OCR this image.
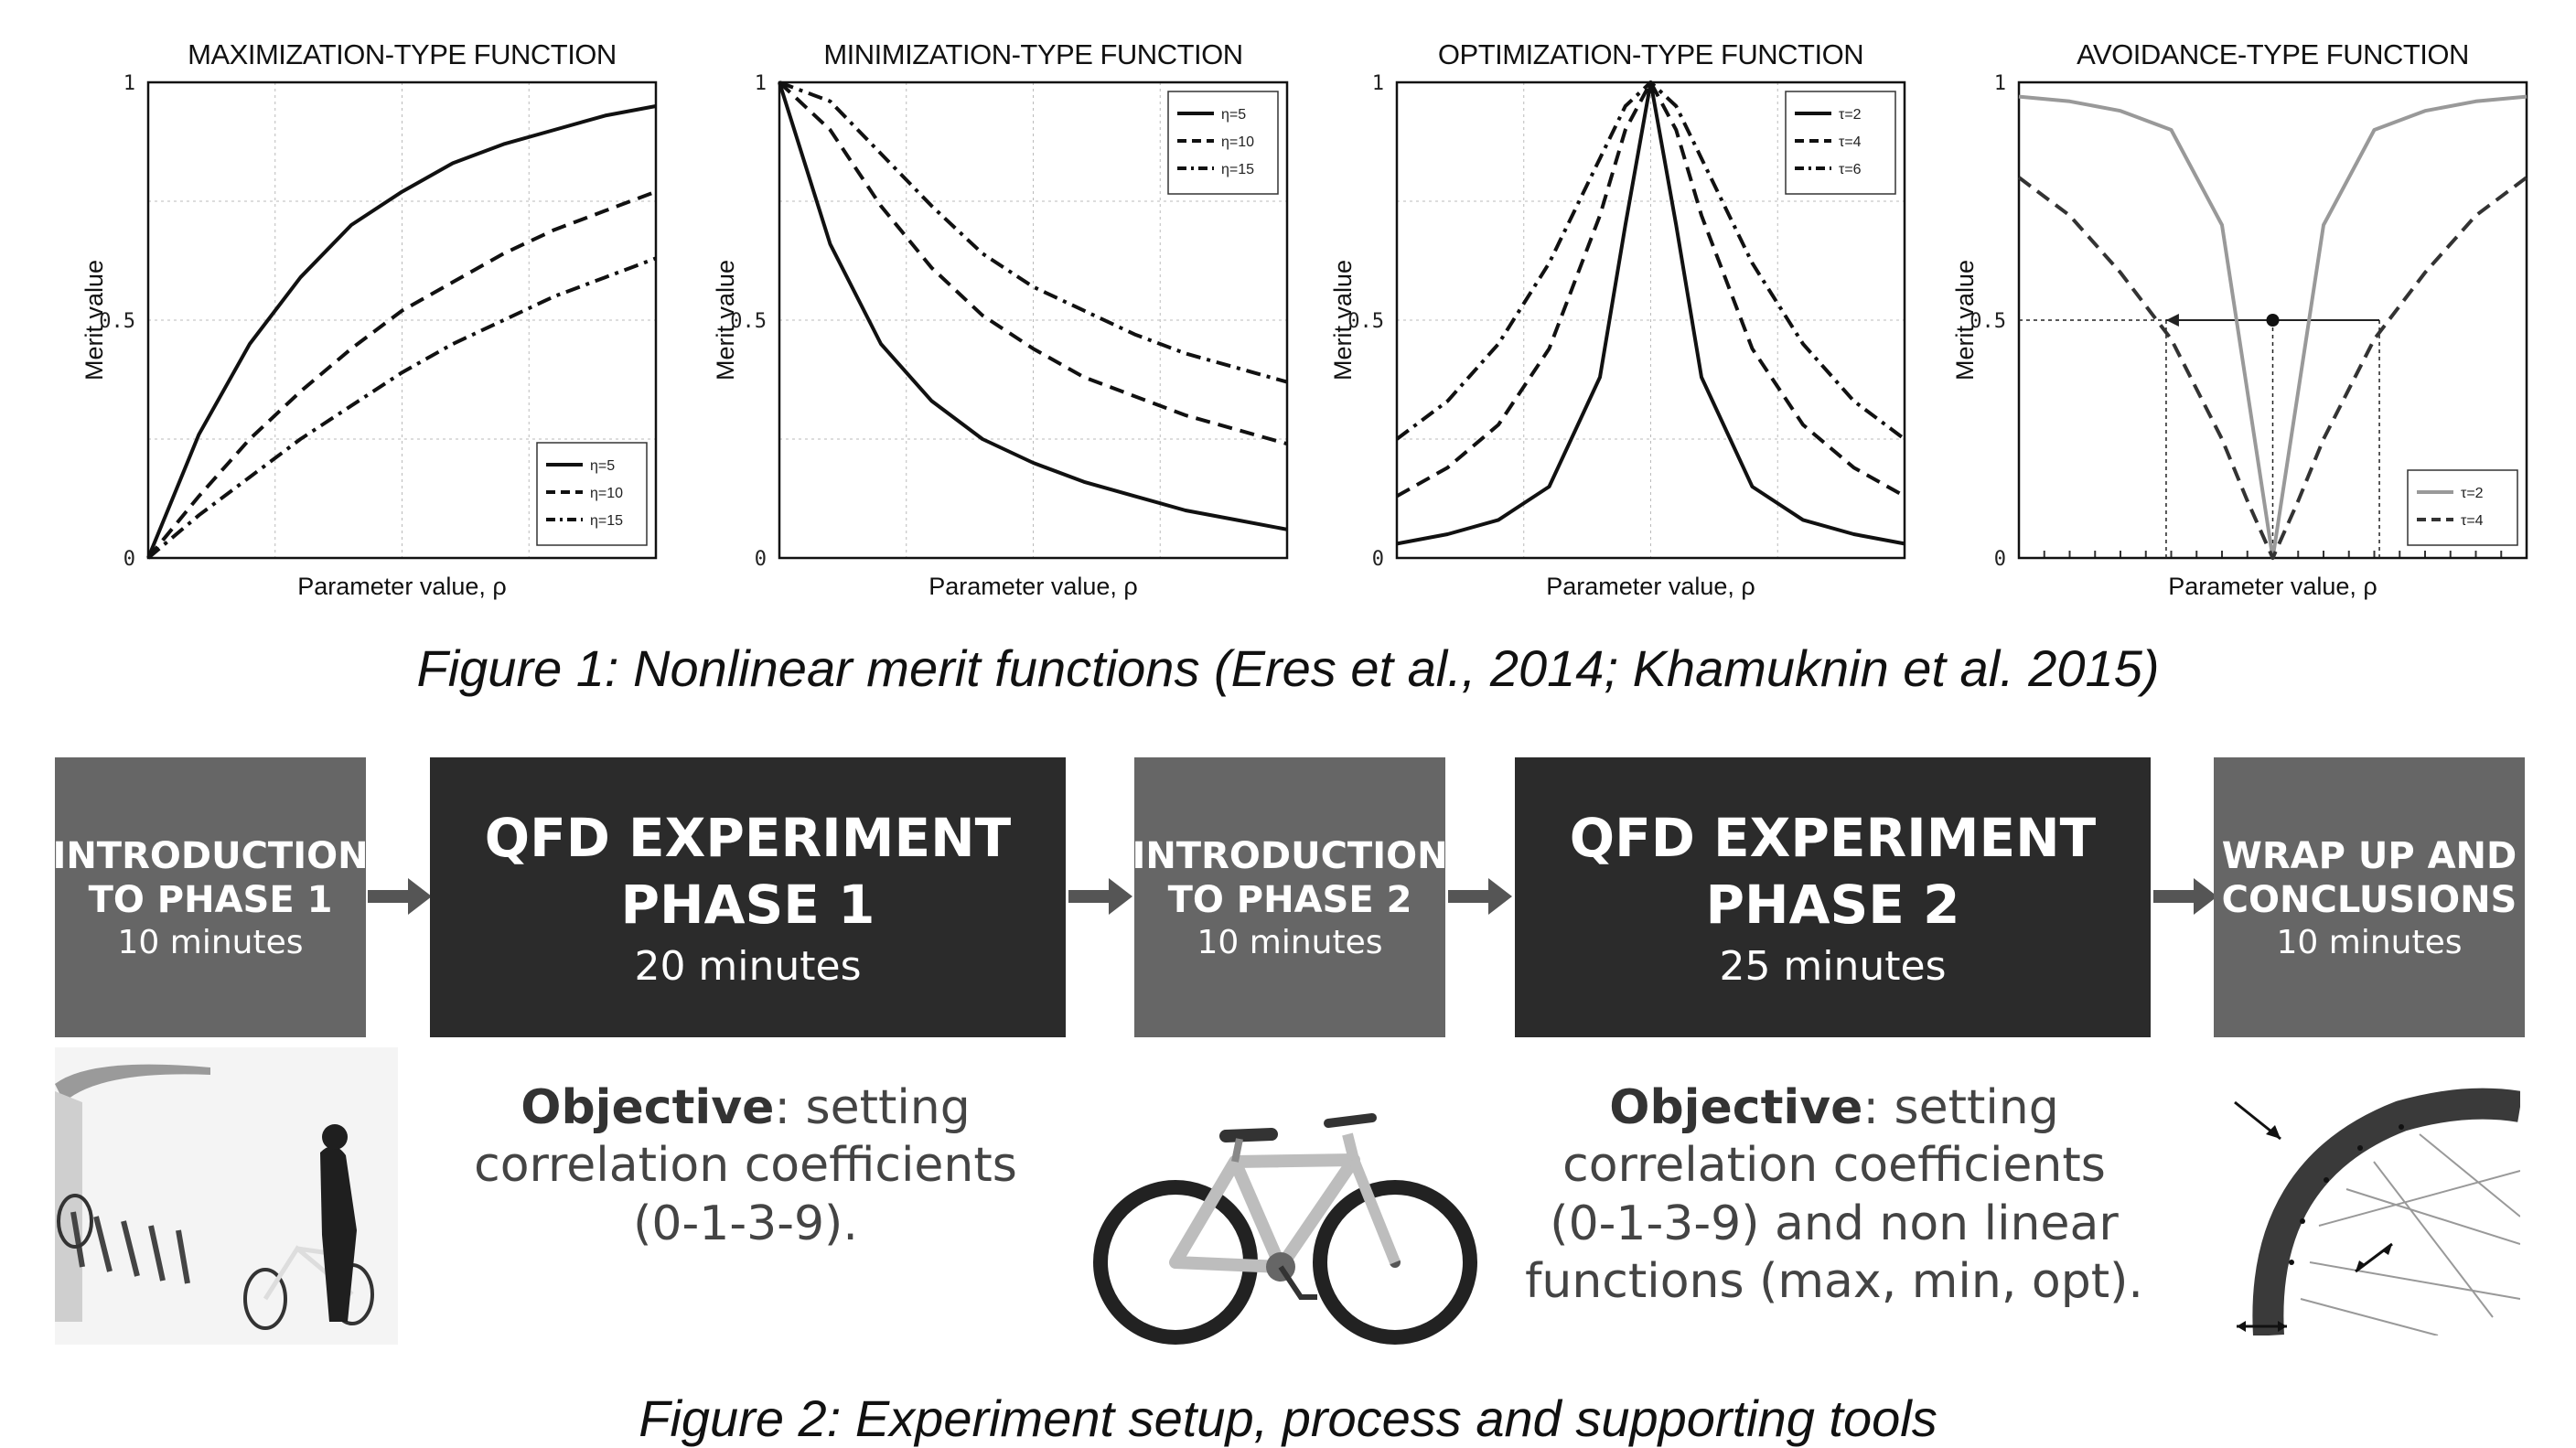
MAXIMIZATION-TYPE FUNCTION
0
0.5
1
Parameter value, ρ
Merit value
η=5
η=10
η=15
MINIMIZATION-TYPE FUNCTION
0
0.5
1
Parameter value, ρ
Merit value
η=5
η=10
η=15
OPTIMIZATION-TYPE FUNCTION
0
0.5
1
Parameter value, ρ
Merit value
τ=2
τ=4
τ=6
AVOIDANCE-TYPE FUNCTION
0
0.5
1
Parameter value, ρ
Merit value
τ=2
τ=4
Figure 1: Nonlinear merit functions (Eres et al., 2014; Khamuknin et al. 2015)
INTRODUCTION
TO PHASE 1
10 minutes
QFD EXPERIMENT
PHASE 1
20 minutes
INTRODUCTION
TO PHASE 2
10 minutes
QFD EXPERIMENT
PHASE 2
25 minutes
WRAP UP AND
CONCLUSIONS
10 minutes
Objective: setting
correlation coefficients
(0-1-3-9).
Objective: setting
correlation coefficients
(0-1-3-9) and non linear
functions (max, min, opt).
Figure 2: Experiment setup, process and supporting tools
